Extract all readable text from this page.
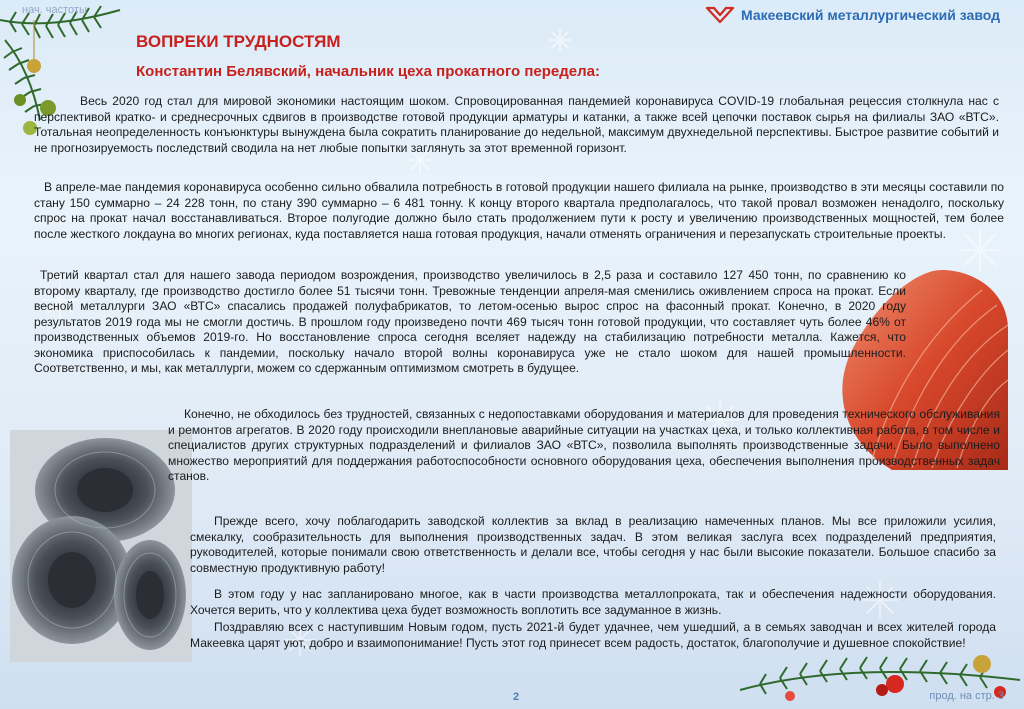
нач. частоты	Макеевский металлургический завод
ВОПРЕКИ ТРУДНОСТЯМ
Константин Белявский, начальник цеха прокатного передела:

Весь 2020 год стал для мировой экономики настоящим шоком. Спровоцированная пандемией коронавируса COVID-19 глобальная рецессия столкнула нас с перспективой кратко- и среднесрочных сдвигов в производстве готовой продукции арматуры и катанки, а также всей цепочки поставок сырья на филиалы ЗАО «ВТС». Тотальная неопределенность конъюнктуры вынуждена была сократить планирование до недельной, максимум двухнедельной перспективы. Быстрое развитие событий и не прогнозируемость последствий сводила на нет любые попытки заглянуть за этот временной горизонт.

В апреле-мае пандемия коронавируса особенно сильно обвалила потребность в готовой продукции нашего филиала на рынке, производство в эти месяцы составили по стану 150 суммарно – 24 228 тонн, по стану 390 суммарно – 6 481 тонну. К концу второго квартала предполагалось, что такой провал возможен ненадолго, поскольку спрос на прокат начал восстанавливаться. Второе полугодие должно было стать продолжением пути к росту и увеличению производственных мощностей, тем более после жесткого локдауна во многих регионах, куда поставляется наша готовая продукция, начали отменять ограничения и перезапускать строительные проекты.

Третий квартал стал для нашего завода периодом возрождения, производство увеличилось в 2,5 раза и составило 127 450 тонн, по сравнению ко второму кварталу, где производство достигло более 51 тысячи тонн. Тревожные тенденции апреля-мая сменились оживлением спроса на прокат. Если весной металлурги ЗАО «ВТС» спасались продажей полуфабрикатов, то летом-осенью вырос спрос на фасонный прокат. Конечно, в 2020 году результатов 2019 года мы не смогли достичь. В прошлом году произведено почти 469 тысяч тонн готовой продукции, что составляет чуть более 46% от производственных объемов 2019-го. Но восстановление спроса сегодня вселяет надежду на стабилизацию потребности металла. Кажется, что экономика приспособилась к пандемии, поскольку начало второй волны коронавируса уже не стало шоком для нашей промышленности. Соответственно, и мы, как металлурги, можем со сдержанным оптимизмом смотреть в будущее.

Конечно, не обходилось без трудностей, связанных с недопоставками оборудования и материалов для проведения технического обслуживания и ремонтов агрегатов. В 2020 году происходили внеплановые аварийные ситуации на участках цеха, и только коллективная работа, в том числе и специалистов других структурных подразделений и филиалов ЗАО «ВТС», позволила выполнять производственные задачи. Было выполнено множество мероприятий для поддержания работоспособности основного оборудования цеха, обеспечения выполнения производственных задач станов.

Прежде всего, хочу поблагодарить заводской коллектив за вклад в реализацию намеченных планов. Мы все приложили усилия, смекалку, сообразительность для выполнения производственных задач. В этом великая заслуга всех подразделений предприятия, руководителей, которые понимали свою ответственность и делали все, чтобы сегодня у нас были высокие показатели. Большое спасибо за совместную продуктивную работу!

В этом году у нас запланировано многое, как в части производства металлопроката, так и обеспечения надежности оборудования. Хочется верить, что у коллектива цеха будет возможность воплотить все задуманное в жизнь.

Поздравляю всех с наступившим Новым годом, пусть 2021-й будет удачнее, чем ушедший, а в семьях заводчан и всех жителей города Макеевка царят уют, добро и взаимопонимание! Пусть этот год принесет всем радость, достаток, благополучие и душевное спокойствие!

2	прод. на стр. 3
